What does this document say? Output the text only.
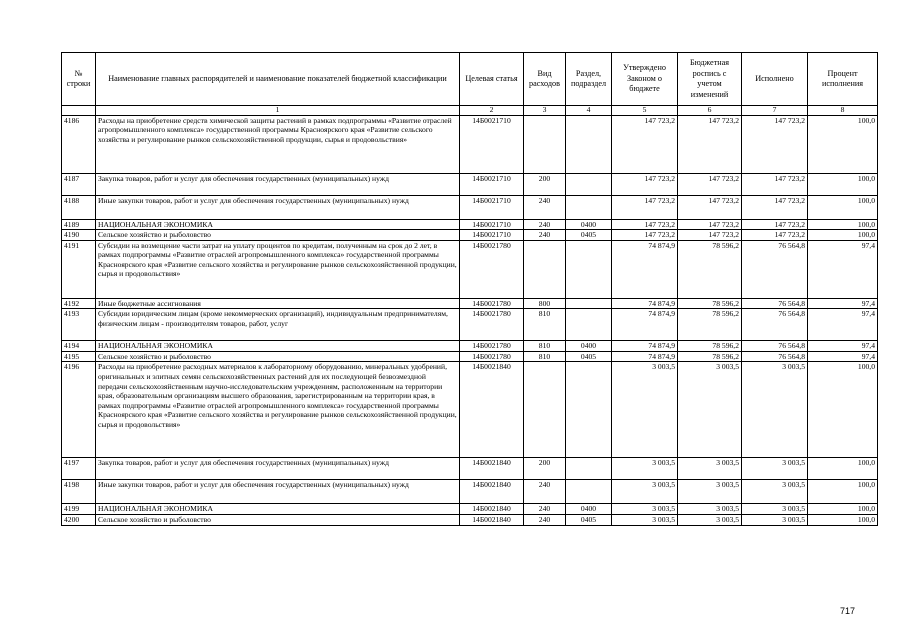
№ строки	Наименование главных распорядителей и наименование показателей бюджетной классификации	Целевая статья	Вид расходов	Раздел, подраздел	Утверждено Законом о бюджете	Бюджетная роспись с учетом изменений	Исполнено	Процент исполнения
	1	2	3	4	5	6	7	8
4186	Расходы на приобретение средств химической защиты растений в рамках подпрограммы «Развитие отраслей агропромышленного комплекса» государственной программы Красноярского края «Развитие сельского хозяйства и регулирование рынков сельскохозяйственной продукции, сырья и продовольствия»	14Б0021710			147 723,2	147 723,2	147 723,2	100,0
4187	Закупка товаров, работ и услуг для обеспечения государственных (муниципальных) нужд	14Б0021710	200		147 723,2	147 723,2	147 723,2	100,0
4188	Иные закупки товаров, работ и услуг для обеспечения государственных (муниципальных) нужд	14Б0021710	240		147 723,2	147 723,2	147 723,2	100,0
4189	НАЦИОНАЛЬНАЯ ЭКОНОМИКА	14Б0021710	240	0400	147 723,2	147 723,2	147 723,2	100,0
4190	Сельское хозяйство и рыболовство	14Б0021710	240	0405	147 723,2	147 723,2	147 723,2	100,0
4191	Субсидии на возмещение части затрат на уплату процентов по кредитам, полученным на срок до 2 лет, в рамках подпрограммы «Развитие отраслей агропромышленного комплекса» государственной программы Красноярского края «Развитие сельского хозяйства и регулирование рынков сельскохозяйственной продукции, сырья и продовольствия»	14Б0021780			74 874,9	78 596,2	76 564,8	97,4
4192	Иные бюджетные ассигнования	14Б0021780	800		74 874,9	78 596,2	76 564,8	97,4
4193	Субсидии юридическим лицам (кроме некоммерческих организаций), индивидуальным предпринимателям, физическим лицам - производителям товаров, работ, услуг	14Б0021780	810		74 874,9	78 596,2	76 564,8	97,4
4194	НАЦИОНАЛЬНАЯ ЭКОНОМИКА	14Б0021780	810	0400	74 874,9	78 596,2	76 564,8	97,4
4195	Сельское хозяйство и рыболовство	14Б0021780	810	0405	74 874,9	78 596,2	76 564,8	97,4
4196	Расходы на приобретение расходных материалов к лабораторному оборудованию, минеральных удобрений, оригинальных и элитных семян сельскохозяйственных растений для их последующей безвозмездной передачи сельскохозяйственным научно-исследовательским учреждениям, расположенным на территории края, образовательным организациям высшего образования, зарегистрированным на территории края, в рамках подпрограммы «Развитие отраслей агропромышленного комплекса» государственной программы Красноярского края «Развитие сельского хозяйства и регулирование рынков сельскохозяйственной продукции, сырья и продовольствия»	14Б0021840			3 003,5	3 003,5	3 003,5	100,0
4197	Закупка товаров, работ и услуг для обеспечения государственных (муниципальных) нужд	14Б0021840	200		3 003,5	3 003,5	3 003,5	100,0
4198	Иные закупки товаров, работ и услуг для обеспечения государственных (муниципальных) нужд	14Б0021840	240		3 003,5	3 003,5	3 003,5	100,0
4199	НАЦИОНАЛЬНАЯ ЭКОНОМИКА	14Б0021840	240	0400	3 003,5	3 003,5	3 003,5	100,0
4200	Сельское хозяйство и рыболовство	14Б0021840	240	0405	3 003,5	3 003,5	3 003,5	100,0
717
